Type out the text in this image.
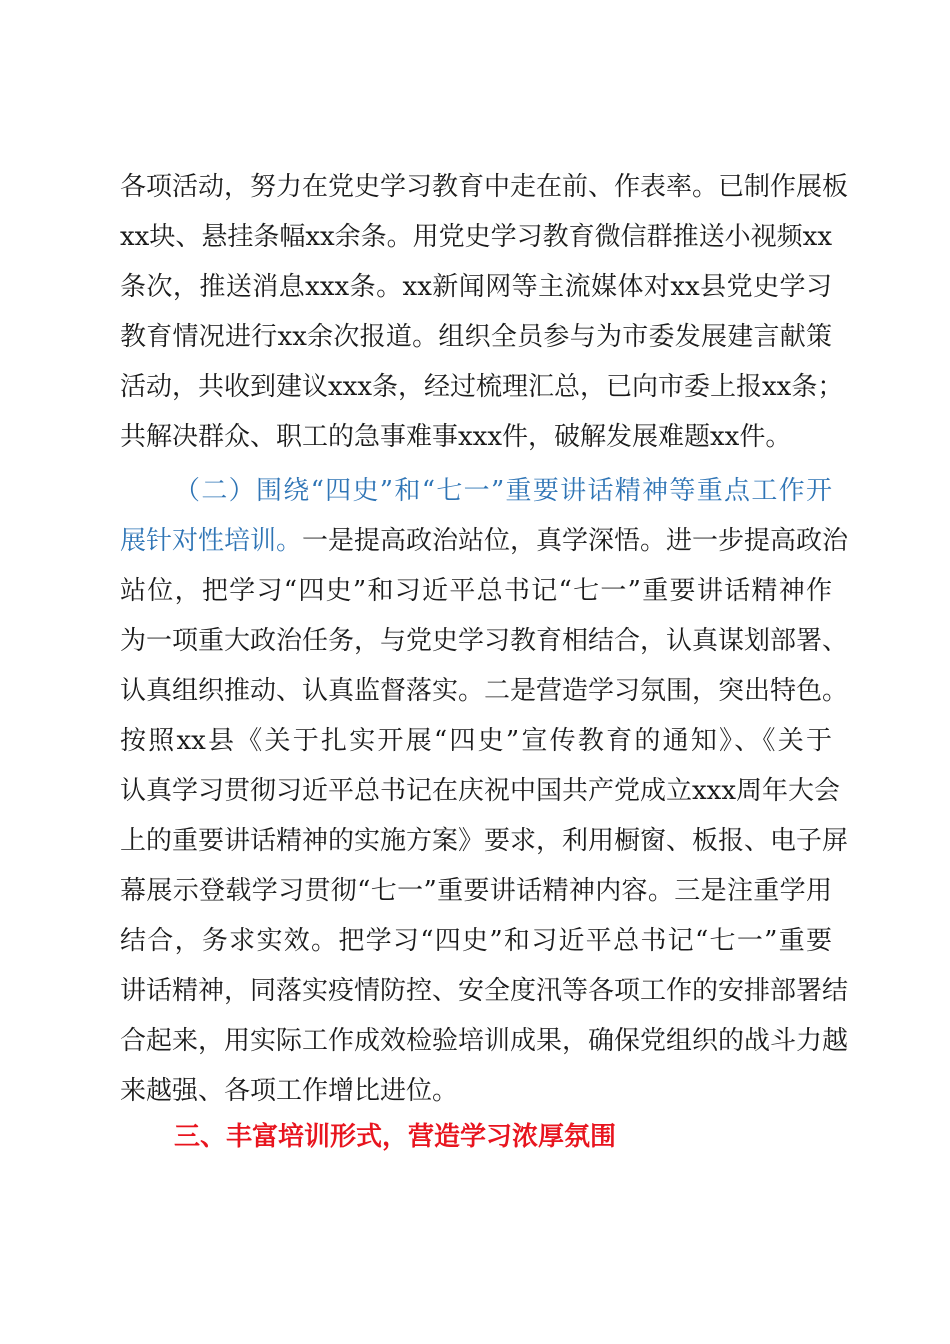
各项活动，努力在党史学习教育中走在前、作表率。已制作展板
xx块、悬挂条幅xx余条。用党史学习教育微信群推送小视频xx
条次，推送消息xxx条。xx新闻网等主流媒体对xx县党史学习
教育情况进行xx余次报道。组织全员参与为市委发展建言献策
活动，共收到建议xxx条，经过梳理汇总，已向市委上报xx条；
共解决群众、职工的急事难事xxx件，破解发展难题xx件。
（二）围绕“四史”和“七一”重要讲话精神等重点工作开
展针对性培训。一是提高政治站位，真学深悟。进一步提高政治
站位，把学习“四史”和习近平总书记“七一”重要讲话精神作
为一项重大政治任务，与党史学习教育相结合，认真谋划部署、
认真组织推动、认真监督落实。二是营造学习氛围，突出特色。
按照xx县《关于扎实开展“四史”宣传教育的通知》、《关于
认真学习贯彻习近平总书记在庆祝中国共产党成立xxx周年大会
上的重要讲话精神的实施方案》要求，利用橱窗、板报、电子屏
幕展示登载学习贯彻“七一”重要讲话精神内容。三是注重学用
结合，务求实效。把学习“四史”和习近平总书记“七一”重要
讲话精神，同落实疫情防控、安全度汛等各项工作的安排部署结
合起来，用实际工作成效检验培训成果，确保党组织的战斗力越
来越强、各项工作增比进位。
三、丰富培训形式，营造学习浓厚氛围
